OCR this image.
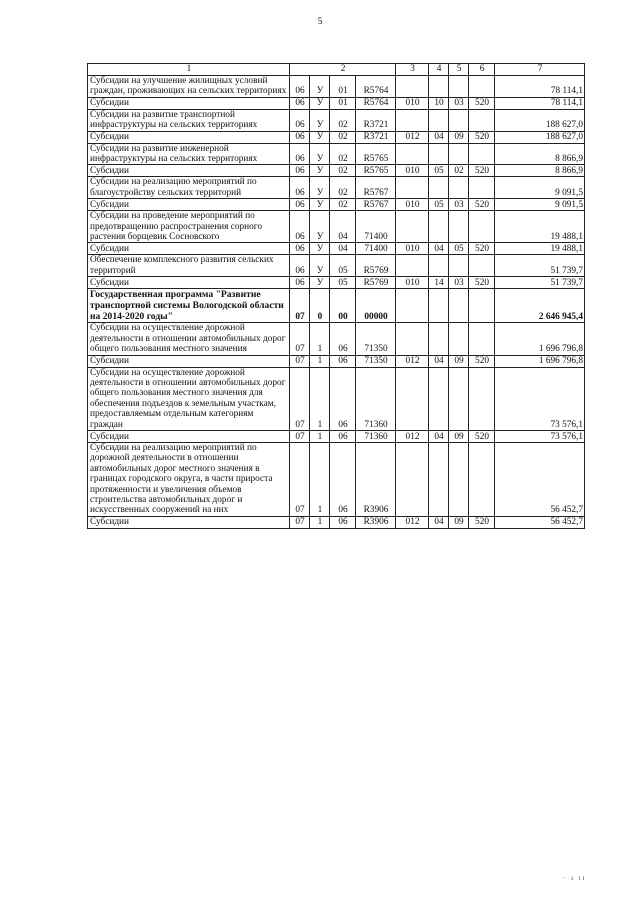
5
1	2				3	4	5	6	7
Субсидии на улучшение жилищных условий граждан, проживающих на сельских территориях	06	У	01	R5764					78 114,1
Субсидии	06	У	01	R5764	010	10	03	520	78 114,1
Субсидии на развитие транспортной инфраструктуры на сельских территориях	06	У	02	R3721					188 627,0
Субсидии	06	У	02	R3721	012	04	09	520	188 627,0
Субсидии на развитие инженерной инфраструктуры на сельских территориях	06	У	02	R5765					8 866,9
Субсидии	06	У	02	R5765	010	05	02	520	8 866,9
Субсидии на реализацию мероприятий по благоустройству сельских территорий	06	У	02	R5767					9 091,5
Субсидии	06	У	02	R5767	010	05	03	520	9 091,5
Субсидии на проведение мероприятий по предотвращению распространения сорного растения борщевик Сосновского	06	У	04	71400					19 488,1
Субсидии	06	У	04	71400	010	04	05	520	19 488,1
Обеспечение комплексного развития сельских территорий	06	У	05	R5769					51 739,7
Субсидии	06	У	05	R5769	010	14	03	520	51 739,7
Государственная программа "Развитие транспортной системы Вологодской области на 2014-2020 годы"	07	0	00	00000					2 646 945,4
Субсидии на осуществление дорожной деятельности в отношении автомобильных дорог общего пользования местного значения	07	1	06	71350					1 696 796,8
Субсидии	07	1	06	71350	012	04	09	520	1 696 796,8
Субсидии на осуществление дорожной деятельности в отношении автомобильных дорог общего пользования местного значения для обеспечения подъездов к земельным участкам, предоставляемым отдельным категориям граждан	07	1	06	71360					73 576,1
Субсидии	07	1	06	71360	012	04	09	520	73 576,1
Субсидии на реализацию мероприятий по дорожной деятельности в отношении автомобильных дорог местного значения в границах городского округа, в части прироста протяженности и увеличения объемов строительства автомобильных дорог и искусственных сооружений на них	07	1	06	R3906					56 452,7
Субсидии	07	1	06	R3906	012	04	09	520	56 452,7
· ı ıı
